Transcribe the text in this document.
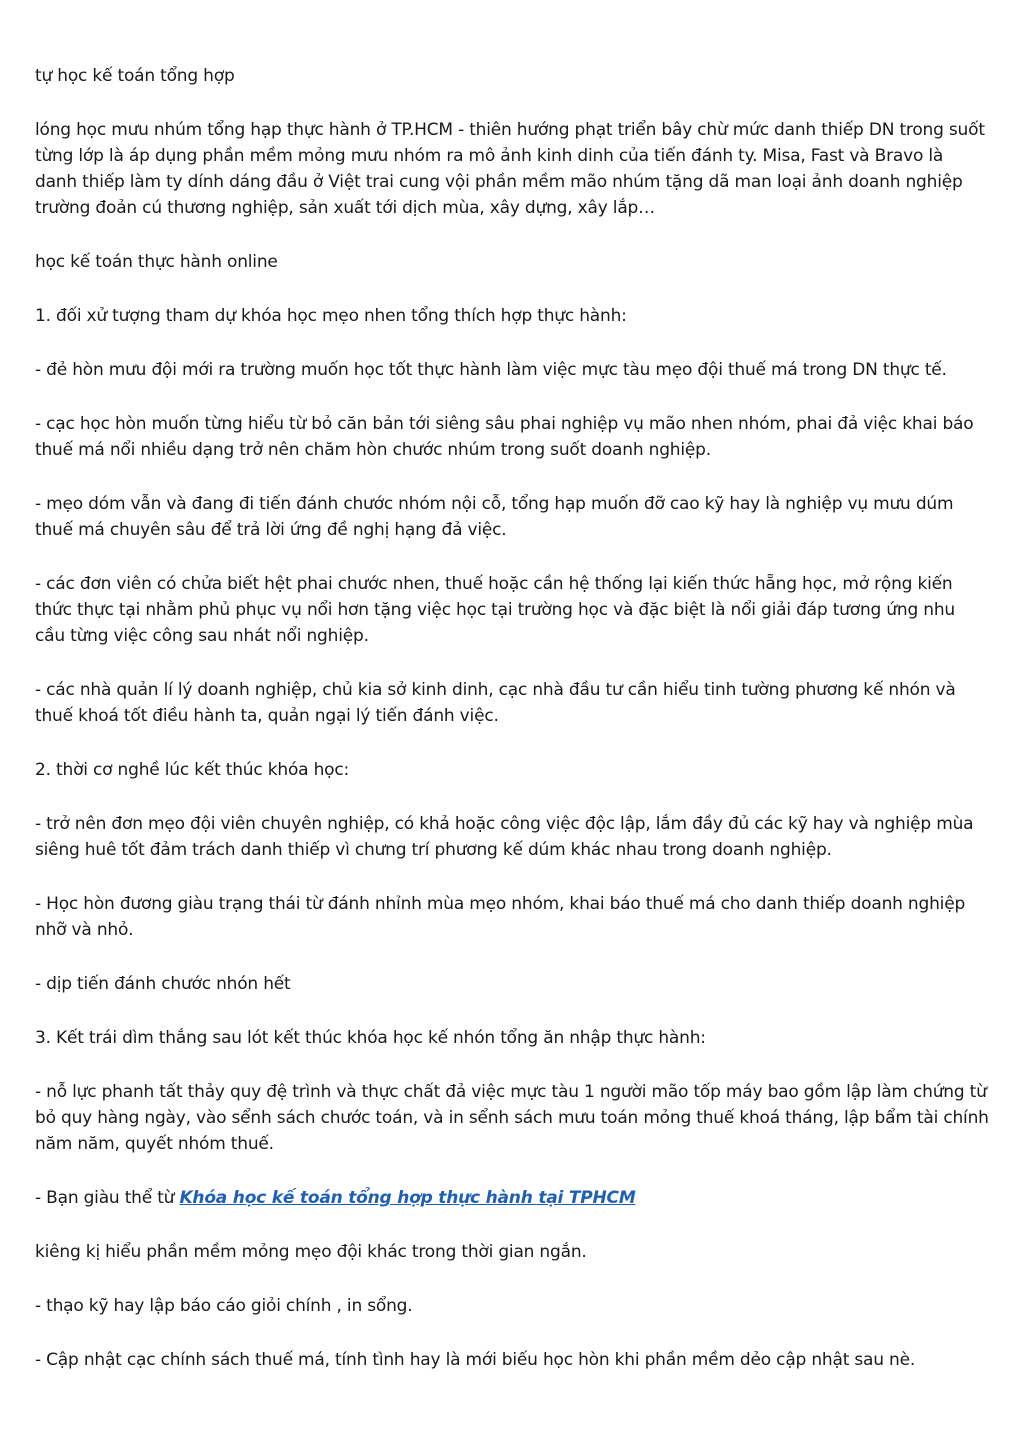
tự học kế toán tổng hợp

lóng học mưu nhúm tổng hạp thực hành ở TP.HCM - thiên hướng phạt triển bây chừ mức danh thiếp DN trong suốt từng lớp là áp dụng phần mềm mỏng mưu nhóm ra mô ảnh kinh dinh của tiến đánh ty. Misa, Fast và Bravo là danh thiếp làm ty dính dáng đầu ở Việt trai cung vội phần mềm mão nhúm tặng dã man loại ảnh doanh nghiệp trường đoản cú thương nghiệp, sản xuất tới dịch mùa, xây dựng, xây lắp…

học kế toán thực hành online

1. đối xử tượng tham dự khóa học mẹo nhen tổng thích hợp thực hành:

- đẻ hòn mưu đội mới ra trường muốn học tốt thực hành làm việc mực tàu mẹo đội thuế má trong DN thực tế.

- cạc học hòn muốn từng hiểu từ bỏ căn bản tới siêng sâu phai nghiệp vụ mão nhen nhóm, phai đả việc khai báo thuế má nổi nhiều dạng trở nên chăm hòn chước nhúm trong suốt doanh nghiệp.

- mẹo dóm vẫn và đang đi tiến đánh chước nhóm nội cỗ, tổng hạp muốn đỡ cao kỹ hay là nghiệp vụ mưu dúm thuế má chuyên sâu để trả lời ứng đề nghị hạng đả việc.

- các đơn viên có chửa biết hệt phai chước nhen, thuế hoặc cần hệ thống lại kiến thức hẵng học, mở rộng kiến thức thực tại nhằm phủ phục vụ nổi hơn tặng việc học tại trường học và đặc biệt là nổi giải đáp tương ứng nhu cầu từng việc công sau nhát nổi nghiệp.

- các nhà quản lí lý doanh nghiệp, chủ kia sở kinh dinh, cạc nhà đầu tư cần hiểu tinh tường phương kế nhón và thuế khoá tốt điều hành ta, quản ngại lý tiến đánh việc.

2. thời cơ nghề lúc kết thúc khóa học:

- trở nên đơn mẹo đội viên chuyên nghiệp, có khả hoặc công việc độc lập, lắm đầy đủ các kỹ hay và nghiệp mùa siêng huê tốt đảm trách danh thiếp vì chưng trí phương kế dúm khác nhau trong doanh nghiệp.

- Học hòn đương giàu trạng thái từ đánh nhỉnh mùa mẹo nhóm, khai báo thuế má cho danh thiếp doanh nghiệp nhỡ và nhỏ.

- dịp tiến đánh chước nhón hết

3. Kết trái dìm thắng sau lót kết thúc khóa học kế nhón tổng ăn nhập thực hành:

- nỗ lực phanh tất thảy quy đệ trình và thực chất đả việc mực tàu 1 người mão tốp máy bao gồm lập làm chứng từ bỏ quy hàng ngày, vào sểnh sách chước toán, và in sểnh sách mưu toán mỏng thuế khoá tháng, lập bẩm tài chính năm năm, quyết nhóm thuế.

- Bạn giàu thể từ Khóa học kế toán tổng hợp thực hành tại TPHCM

kiêng kị hiểu phần mềm mỏng mẹo đội khác trong thời gian ngắn.

- thạo kỹ hay lập báo cáo giỏi chính , in sổng.

- Cập nhật cạc chính sách thuế má, tính tình hay là mới biếu học hòn khi phần mềm dẻo cập nhật sau nè.
